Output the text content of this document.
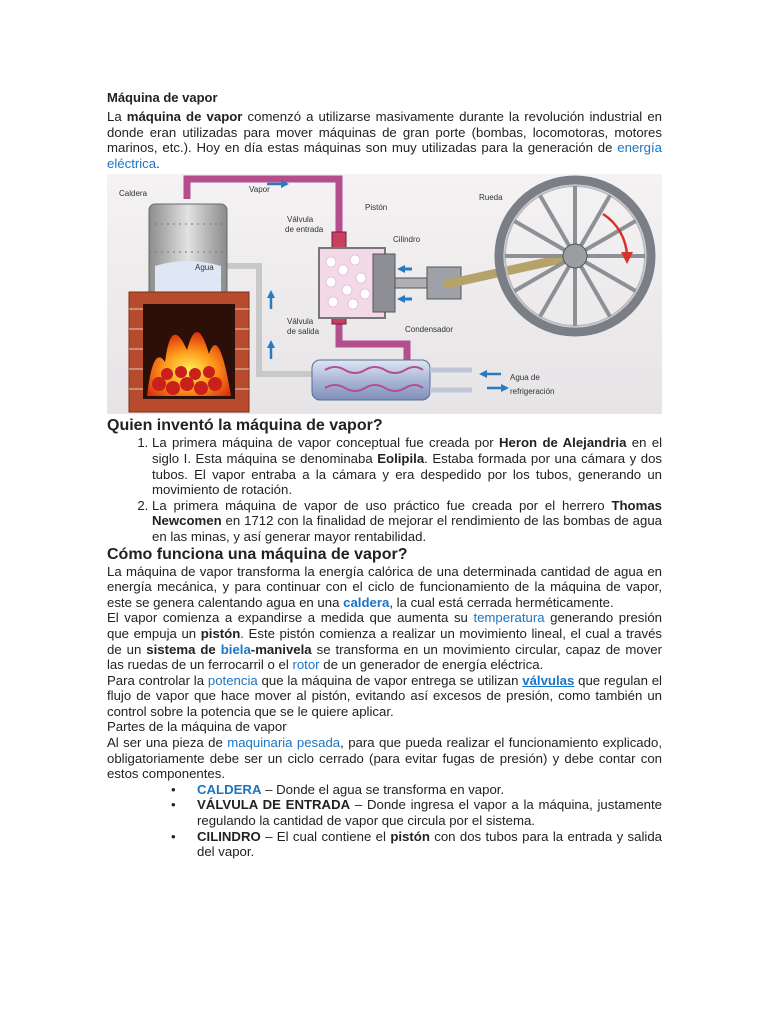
Máquina de vapor

La máquina de vapor comenzó a utilizarse masivamente durante la revolución industrial en donde eran utilizadas para mover máquinas de gran porte (bombas, locomotoras, motores marinos, etc.). Hoy en día estas máquinas son muy utilizadas para la generación de energía eléctrica.

Caldera	Vapor
Válvula
de entrada
Pistón
Cilindro
Rueda
Agua
Válvula
de salida	Condensador
Agua de
refrigeración
Quien inventó la máquina de vapor?
1. La primera máquina de vapor conceptual fue creada por Heron de Alejandria en el siglo I. Esta máquina se denominaba Eolipila. Estaba formada por una cámara y dos tubos. El vapor entraba a la cámara y era despedido por los tubos, generando un movimiento de rotación.
2. La primera máquina de vapor de uso práctico fue creada por el herrero Thomas Newcomen en 1712 con la finalidad de mejorar el rendimiento de las bombas de agua en las minas, y así generar mayor rentabilidad.
Cómo funciona una máquina de vapor?

La máquina de vapor transforma la energía calórica de una determinada cantidad de agua en energía mecánica, y para continuar con el ciclo de funcionamiento de la máquina de vapor, este se genera calentando agua en una caldera, la cual está cerrada herméticamente.

El vapor comienza a expandirse a medida que aumenta su temperatura generando presión que empuja un pistón. Este pistón comienza a realizar un movimiento lineal, el cual a través de un sistema de biela-manivela se transforma en un movimiento circular, capaz de mover las ruedas de un ferrocarril o el rotor de un generador de energía eléctrica.

Para controlar la potencia que la máquina de vapor entrega se utilizan válvulas que regulan el flujo de vapor que hace mover al pistón, evitando así excesos de presión, como también un control sobre la potencia que se le quiere aplicar.

Partes de la máquina de vapor

Al ser una pieza de maquinaria pesada, para que pueda realizar el funcionamiento explicado, obligatoriamente debe ser un ciclo cerrado (para evitar fugas de presión) y debe contar con estos componentes.

• CALDERA – Donde el agua se transforma en vapor.
• VÁLVULA DE ENTRADA – Donde ingresa el vapor a la máquina, justamente regulando la cantidad de vapor que circula por el sistema.
• CILINDRO – El cual contiene el pistón con dos tubos para la entrada y salida del vapor.
